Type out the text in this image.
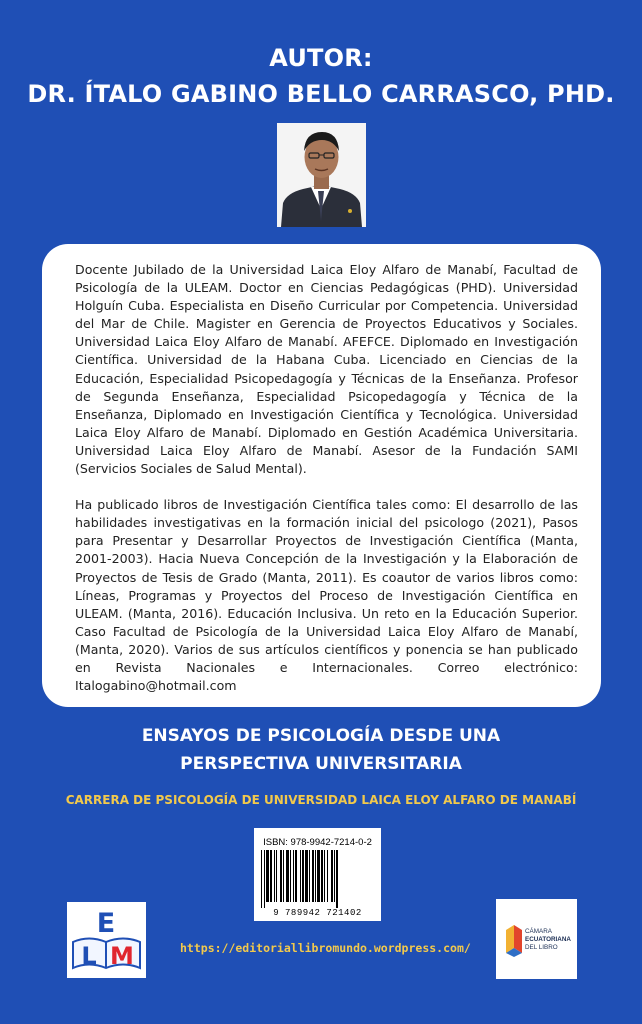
AUTOR:
DR. ÍTALO GABINO BELLO CARRASCO, PHD.

Docente Jubilado de la Universidad Laica Eloy Alfaro de Manabí, Facultad de Psicología de la ULEAM. Doctor en Ciencias Pedagógicas (PHD). Universidad Holguín Cuba. Especialista en Diseño Curricular por Competencia. Universidad del Mar de Chile. Magister en Gerencia de Proyectos Educativos y Sociales. Universidad Laica Eloy Alfaro de Manabí. AFEFCE. Diplomado en Investigación Científica. Universidad de la Habana Cuba. Licenciado en Ciencias de la Educación, Especialidad Psicopedagogía y Técnicas de la Enseñanza. Profesor de Segunda Enseñanza, Especialidad Psicopedagogía y Técnica de la Enseñanza, Diplomado en Investigación Científica y Tecnológica. Universidad Laica Eloy Alfaro de Manabí. Diplomado en Gestión Académica Universitaria. Universidad Laica Eloy Alfaro de Manabí. Asesor de la Fundación SAMI (Servicios Sociales de Salud Mental).

Ha publicado libros de Investigación Científica tales como: El desarrollo de las habilidades investigativas en la formación inicial del psicologo (2021), Pasos para Presentar y Desarrollar Proyectos de Investigación Científica (Manta, 2001-2003). Hacia Nueva Concepción de la Investigación y la Elaboración de Proyectos de Tesis de Grado (Manta, 2011). Es coautor de varios libros como: Líneas, Programas y Proyectos del Proceso de Investigación Científica en ULEAM. (Manta, 2016). Educación Inclusiva. Un reto en la Educación Superior. Caso Facultad de Psicología de la Universidad Laica Eloy Alfaro de Manabí, (Manta, 2020). Varios de sus artículos científicos y ponencia se han publicado en Revista Nacionales e Internacionales. Correo electrónico: Italogabino@hotmail.com

ENSAYOS DE PSICOLOGÍA DESDE UNA
PERSPECTIVA UNIVERSITARIA
CARRERA DE PSICOLOGÍA DE UNIVERSIDAD LAICA ELOY ALFARO DE MANABÍ
ISBN: 978-9942-7214-0-2
9 789942 721402
E
L M	https://editoriallibromundo.wordpress.com/
CÁMARA
ECUATORIANA
DEL LIBRO
